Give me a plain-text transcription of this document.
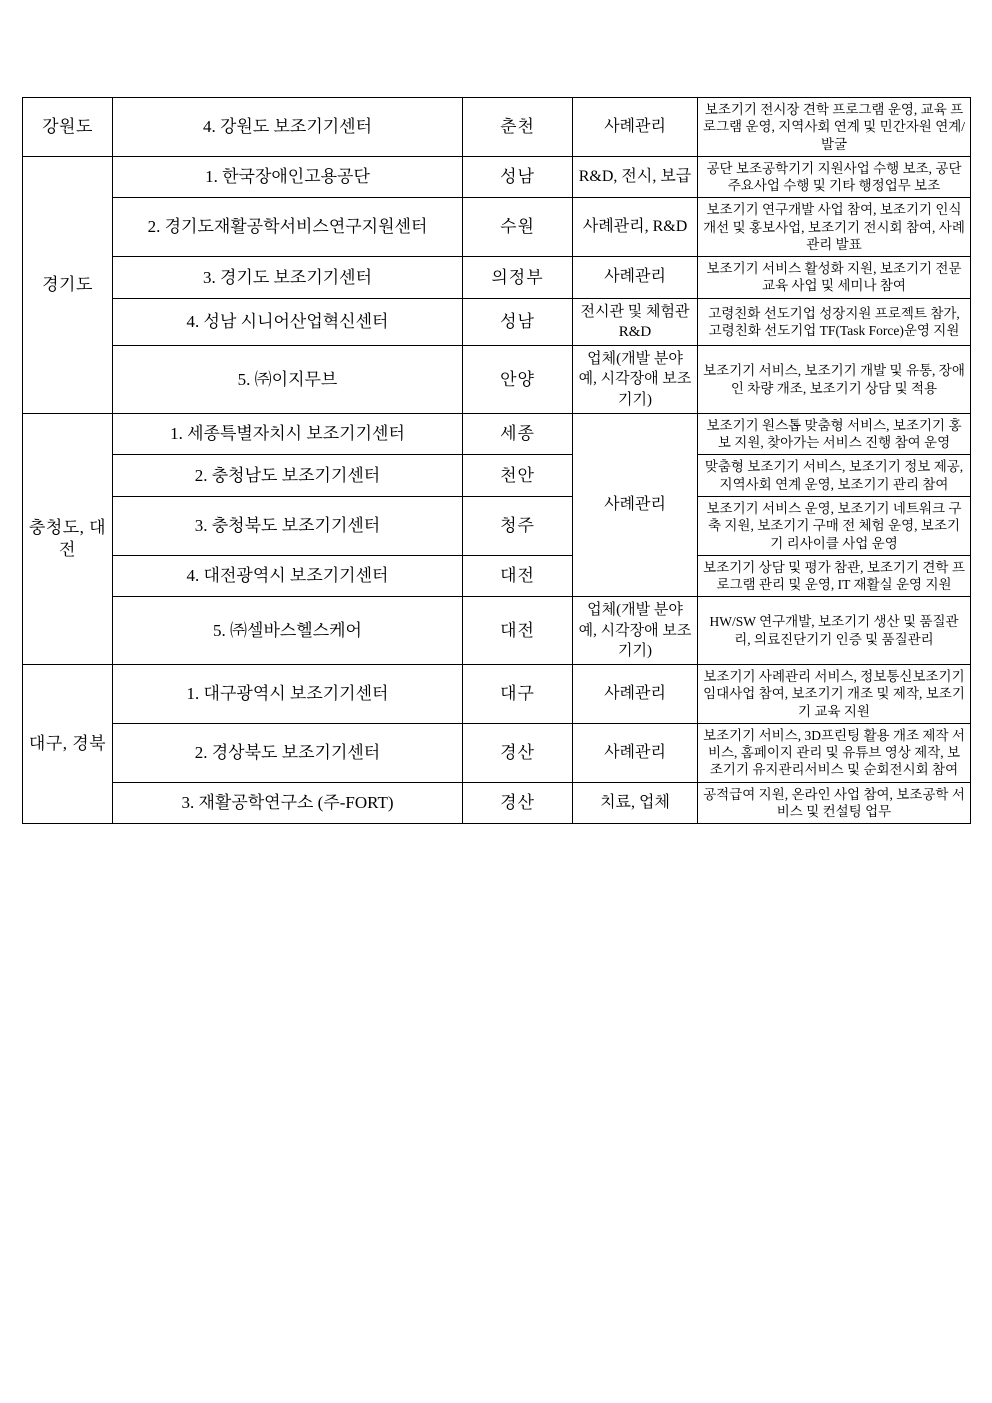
강원도	4. 강원도 보조기기센터	춘천	사례관리	보조기기 전시장 견학 프로그램 운영, 교육 프로그램 운영, 지역사회 연계 및 민간자원 연계/발굴
경기도	1. 한국장애인고용공단	성남	R&D, 전시, 보급	공단 보조공학기기 지원사업 수행 보조, 공단 주요사업 수행 및 기타 행정업무 보조
	2. 경기도재활공학서비스연구지원센터	수원	사례관리, R&D	보조기기 연구개발 사업 참여, 보조기기 인식개선 및 홍보사업, 보조기기 전시회 참여, 사례관리 발표
	3. 경기도 보조기기센터	의정부	사례관리	보조기기 서비스 활성화 지원, 보조기기 전문교육 사업 및 세미나 참여
	4. 성남 시니어산업혁신센터	성남	전시관 및 체험관 R&D	고령친화 선도기업 성장지원 프로젝트 참가, 고령친화 선도기업 TF(Task Force)운영 지원
	5. ㈜이지무브	안양	업체(개발 분야 예, 시각장애 보조기기)	보조기기 서비스, 보조기기 개발 및 유통, 장애인 차량 개조, 보조기기 상담 및 적용
충청도, 대전	1. 세종특별자치시 보조기기센터	세종	사례관리	보조기기 원스톱 맞춤형 서비스, 보조기기 홍보 지원, 찾아가는 서비스 진행 참여 운영
	2. 충청남도 보조기기센터	천안		맞춤형 보조기기 서비스, 보조기기 정보 제공, 지역사회 연계 운영, 보조기기 관리 참여
	3. 충청북도 보조기기센터	청주		보조기기 서비스 운영, 보조기기 네트워크 구축 지원, 보조기기 구매 전 체험 운영, 보조기기 리사이클 사업 운영
	4. 대전광역시 보조기기센터	대전		보조기기 상담 및 평가 참관, 보조기기 견학 프로그램 관리 및 운영, IT 재활실 운영 지원
	5. ㈜셀바스헬스케어	대전	업체(개발 분야 예, 시각장애 보조기기)	HW/SW 연구개발, 보조기기 생산 및 품질관리, 의료진단기기 인증 및 품질관리
대구, 경북	1. 대구광역시 보조기기센터	대구	사례관리	보조기기 사례관리 서비스, 정보통신보조기기임대사업 참여, 보조기기 개조 및 제작, 보조기기 교육 지원
	2. 경상북도 보조기기센터	경산	사례관리	보조기기 서비스, 3D프린팅 활용 개조 제작 서비스, 홈페이지 관리 및 유튜브 영상 제작, 보조기기 유지관리서비스 및 순회전시회 참여
	3. 재활공학연구소 (주-FORT)	경산	치료, 업체	공적급여 지원, 온라인 사업 참여, 보조공학 서비스 및 컨설팅 업무
